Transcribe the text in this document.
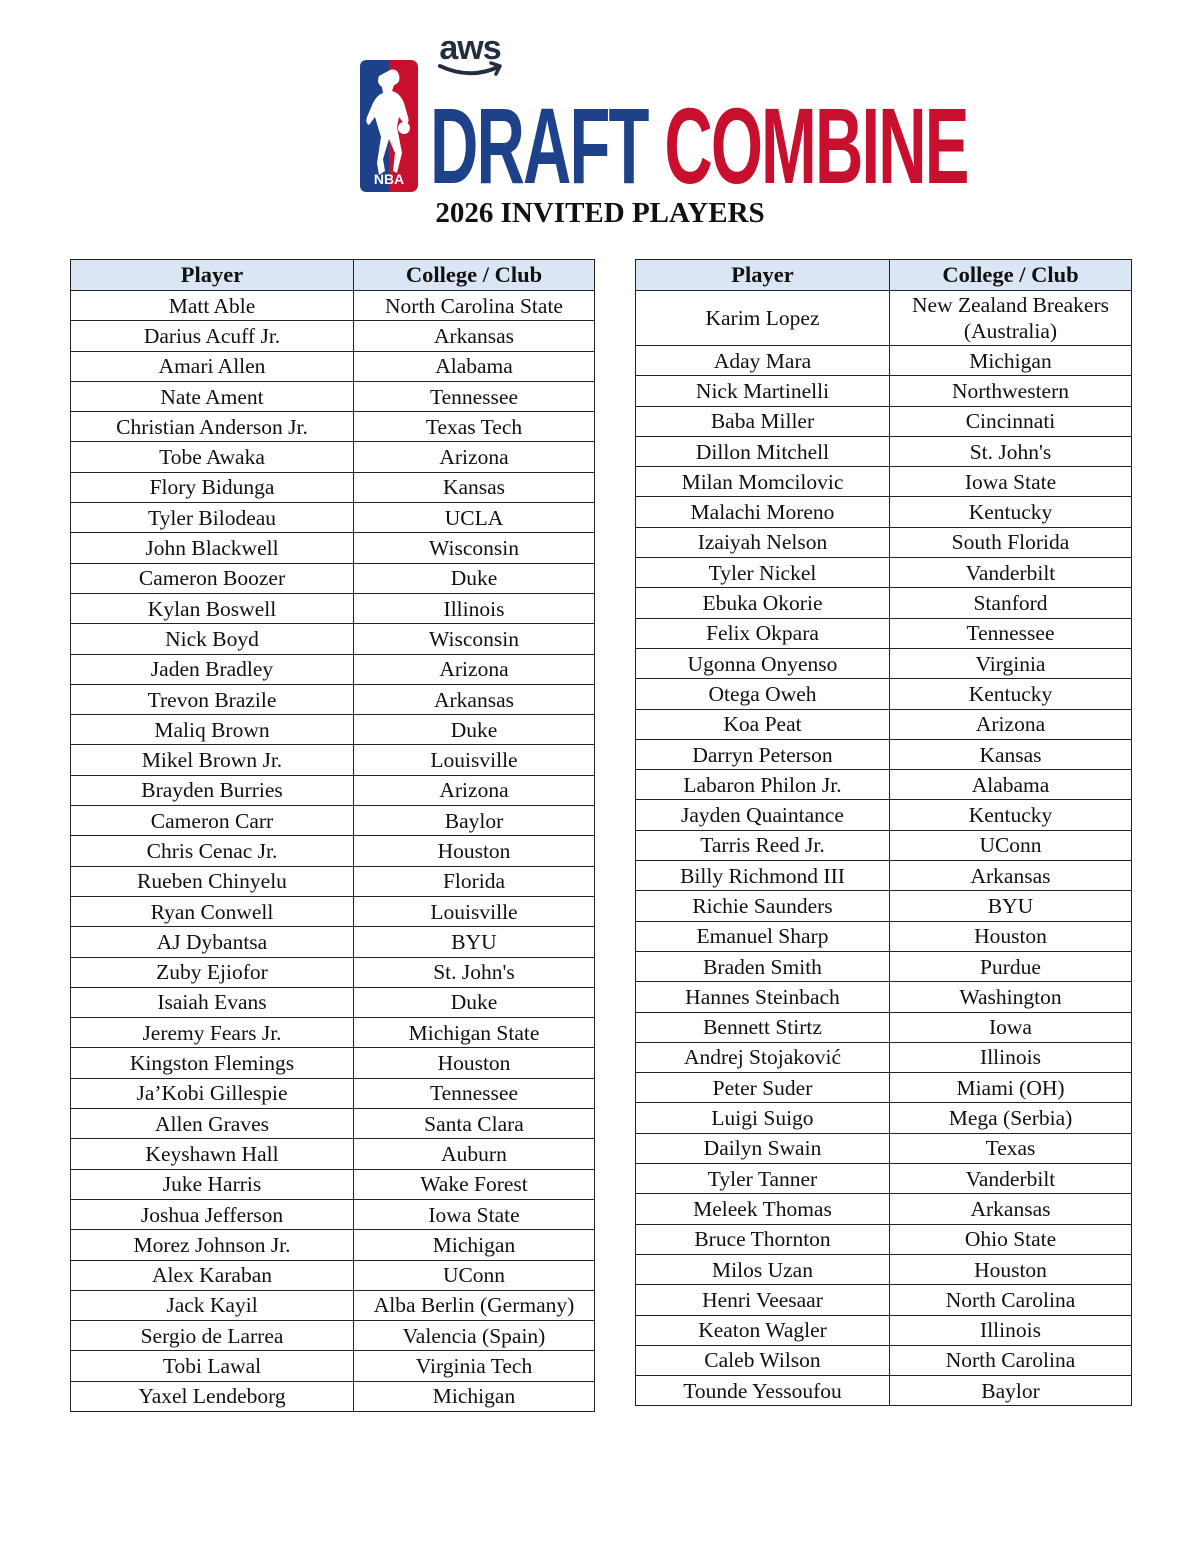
NBA
aws
DRAFT COMBINE
2026 INVITED PLAYERS
Player	College / Club
Matt Able	North Carolina State
Darius Acuff Jr.	Arkansas
Amari Allen	Alabama
Nate Ament	Tennessee
Christian Anderson Jr.	Texas Tech
Tobe Awaka	Arizona
Flory Bidunga	Kansas
Tyler Bilodeau	UCLA
John Blackwell	Wisconsin
Cameron Boozer	Duke
Kylan Boswell	Illinois
Nick Boyd	Wisconsin
Jaden Bradley	Arizona
Trevon Brazile	Arkansas
Maliq Brown	Duke
Mikel Brown Jr.	Louisville
Brayden Burries	Arizona
Cameron Carr	Baylor
Chris Cenac Jr.	Houston
Rueben Chinyelu	Florida
Ryan Conwell	Louisville
AJ Dybantsa	BYU
Zuby Ejiofor	St. John's
Isaiah Evans	Duke
Jeremy Fears Jr.	Michigan State
Kingston Flemings	Houston
Ja’Kobi Gillespie	Tennessee
Allen Graves	Santa Clara
Keyshawn Hall	Auburn
Juke Harris	Wake Forest
Joshua Jefferson	Iowa State
Morez Johnson Jr.	Michigan
Alex Karaban	UConn
Jack Kayil	Alba Berlin (Germany)
Sergio de Larrea	Valencia (Spain)
Tobi Lawal	Virginia Tech
Yaxel Lendeborg	Michigan
Player	College / Club
Karim Lopez	New Zealand Breakers (Australia)
Aday Mara	Michigan
Nick Martinelli	Northwestern
Baba Miller	Cincinnati
Dillon Mitchell	St. John's
Milan Momcilovic	Iowa State
Malachi Moreno	Kentucky
Izaiyah Nelson	South Florida
Tyler Nickel	Vanderbilt
Ebuka Okorie	Stanford
Felix Okpara	Tennessee
Ugonna Onyenso	Virginia
Otega Oweh	Kentucky
Koa Peat	Arizona
Darryn Peterson	Kansas
Labaron Philon Jr.	Alabama
Jayden Quaintance	Kentucky
Tarris Reed Jr.	UConn
Billy Richmond III	Arkansas
Richie Saunders	BYU
Emanuel Sharp	Houston
Braden Smith	Purdue
Hannes Steinbach	Washington
Bennett Stirtz	Iowa
Andrej Stojaković	Illinois
Peter Suder	Miami (OH)
Luigi Suigo	Mega (Serbia)
Dailyn Swain	Texas
Tyler Tanner	Vanderbilt
Meleek Thomas	Arkansas
Bruce Thornton	Ohio State
Milos Uzan	Houston
Henri Veesaar	North Carolina
Keaton Wagler	Illinois
Caleb Wilson	North Carolina
Tounde Yessoufou	Baylor
